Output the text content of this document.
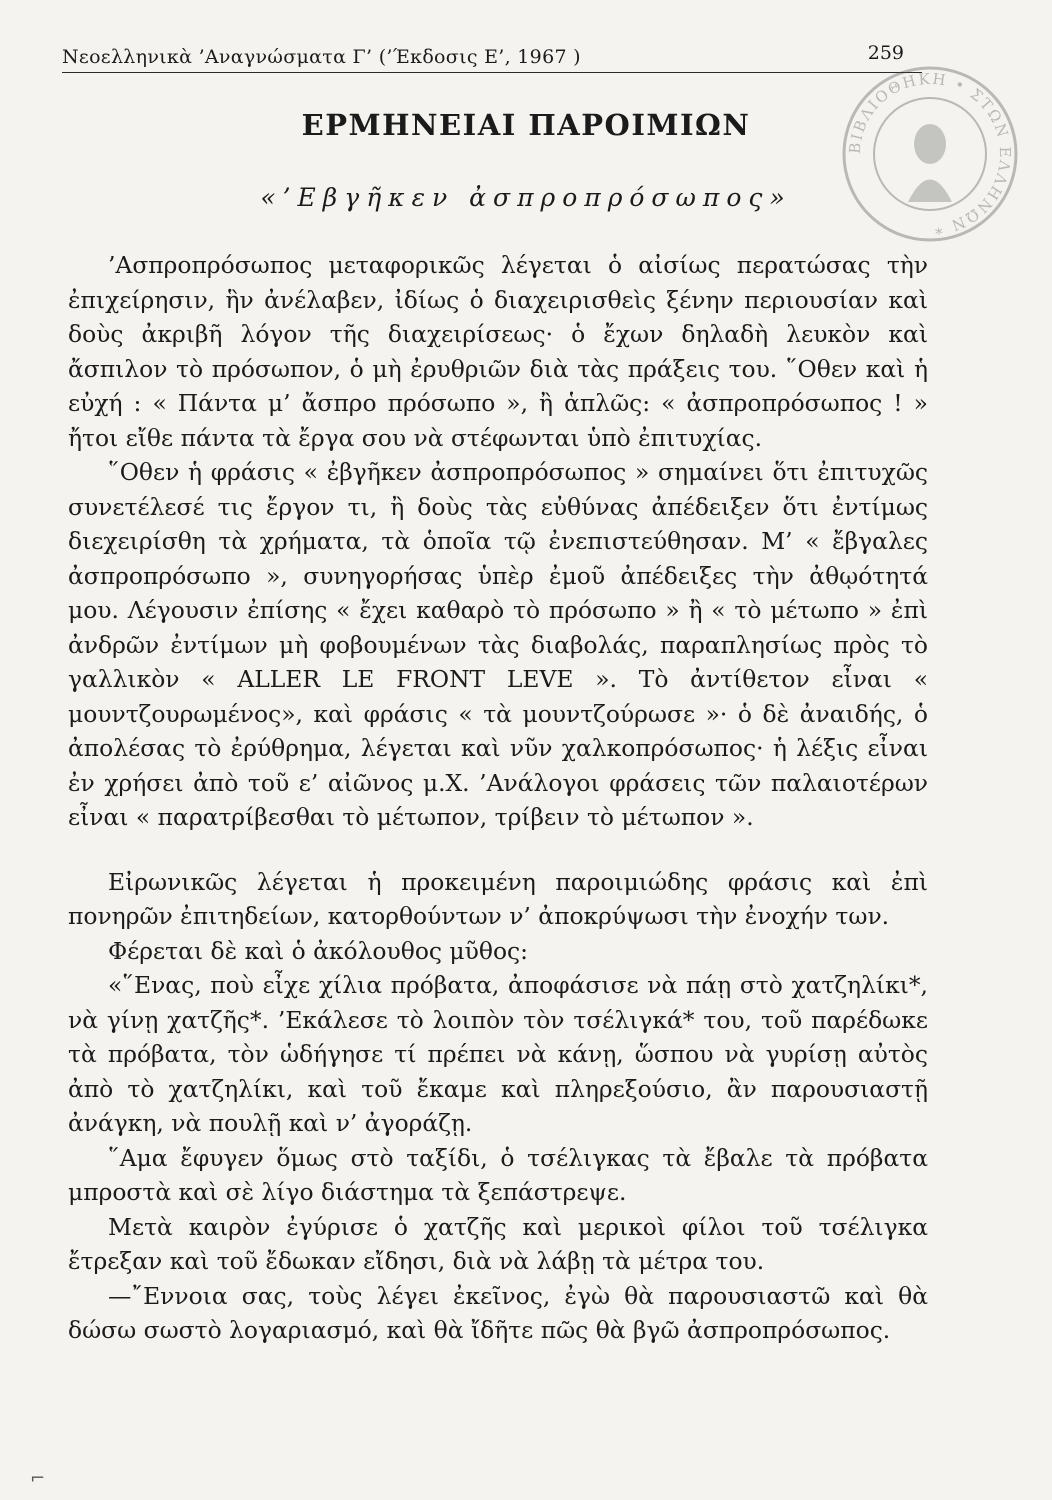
Νεοελληνικὰ ’Αναγνώσματα Γ’ (’Έκδοσις Ε’, 1967 )	259
ΒΙΒΛΙΟΘΗΚΗ • ΣΤΩΝ ΕΛΛΗΝΩΝ *
ΕΡΜΗΝΕΙΑΙ ΠΑΡΟΙΜΙΩΝ
«’Εβγῆκεν ἀσπροπρόσωπος»

’Ασπροπρόσωπος μεταφορικῶς λέγεται ὁ αἰσίως περατώσας τὴν ἐπιχείρησιν, ἣν ἀνέλαβεν, ἰδίως ὁ διαχειρισθεὶς ξένην περιουσίαν καὶ δοὺς ἀκριβῆ λόγον τῆς διαχειρίσεως· ὁ ἔχων δηλαδὴ λευκὸν καὶ ἄσπιλον τὸ πρόσωπον, ὁ μὴ ἐρυθριῶν διὰ τὰς πράξεις του. ῞Οθεν καὶ ἡ εὐχή : « Πάντα μ’ ἄσπρο πρόσωπο », ἢ ἁπλῶς: « ἀσπροπρόσωπος ! » ἤτοι εἴθε πάντα τὰ ἔργα σου νὰ στέφωνται ὑπὸ ἐπιτυχίας.

῞Οθεν ἡ φράσις « ἐβγῆκεν ἀσπροπρόσωπος » σημαίνει ὅτι ἐπιτυχῶς συνετέλεσέ τις ἔργον τι, ἢ δοὺς τὰς εὐθύνας ἀπέδειξεν ὅτι ἐντίμως διεχειρίσθη τὰ χρήματα, τὰ ὁποῖα τῷ ἐνεπιστεύθησαν. Μ’ « ἔβγαλες ἀσπροπρόσωπο », συνηγορήσας ὑπὲρ ἐμοῦ ἀπέδειξες τὴν ἀθῳότητά μου. Λέγουσιν ἐπίσης « ἔχει καθαρὸ τὸ πρόσωπο » ἢ « τὸ μέτωπο » ἐπὶ ἀνδρῶν ἐντίμων μὴ φοβουμένων τὰς διαβολάς, παραπλησίως πρὸς τὸ γαλλικὸν « ALLER LE FRONT LEVE ». Τὸ ἀντίθετον εἶναι « μουντζουρωμένος», καὶ φράσις « τὰ μουντζούρωσε »· ὁ δὲ ἀναιδής, ὁ ἀπολέσας τὸ ἐρύθρημα, λέγεται καὶ νῦν χαλκοπρόσωπος· ἡ λέξις εἶναι ἐν χρήσει ἀπὸ τοῦ ε’ αἰῶνος μ.Χ. ’Ανάλογοι φράσεις τῶν παλαιοτέρων εἶναι « παρατρίβεσθαι τὸ μέτωπον, τρίβειν τὸ μέτωπον ».

Εἰρωνικῶς λέγεται ἡ προκειμένη παροιμιώδης φράσις καὶ ἐπὶ πονηρῶν ἐπιτηδείων, κατορθούντων ν’ ἀποκρύψωσι τὴν ἐνοχήν των.

Φέρεται δὲ καὶ ὁ ἀκόλουθος μῦθος:

«῞Ενας, ποὺ εἶχε χίλια πρόβατα, ἀποφάσισε νὰ πάῃ στὸ χατζηλίκι*, νὰ γίνῃ χατζῆς*. ’Εκάλεσε τὸ λοιπὸν τὸν τσέλιγκά* του, τοῦ παρέδωκε τὰ πρόβατα, τὸν ὡδήγησε τί πρέπει νὰ κάνῃ, ὥσπου νὰ γυρίσῃ αὐτὸς ἀπὸ τὸ χατζηλίκι, καὶ τοῦ ἔκαμε καὶ πληρεξούσιο, ἂν παρουσιαστῇ ἀνάγκη, νὰ πουλῇ καὶ ν’ ἀγοράζῃ.

῞Αμα ἔφυγεν ὅμως στὸ ταξίδι, ὁ τσέλιγκας τὰ ἔβαλε τὰ πρόβατα μπροστὰ καὶ σὲ λίγο διάστημα τὰ ξεπάστρεψε.

Μετὰ καιρὸν ἐγύρισε ὁ χατζῆς καὶ μερικοὶ φίλοι τοῦ τσέλιγκα ἔτρεξαν καὶ τοῦ ἔδωκαν εἴδησι, διὰ νὰ λάβῃ τὰ μέτρα του.

—῎Εννοια σας, τοὺς λέγει ἐκεῖνος, ἐγὼ θὰ παρουσιαστῶ καὶ θὰ δώσω σωστὸ λογαριασμό, καὶ θὰ ἴδῆτε πῶς θὰ βγῶ ἀσπροπρόσωπος.

⌐
